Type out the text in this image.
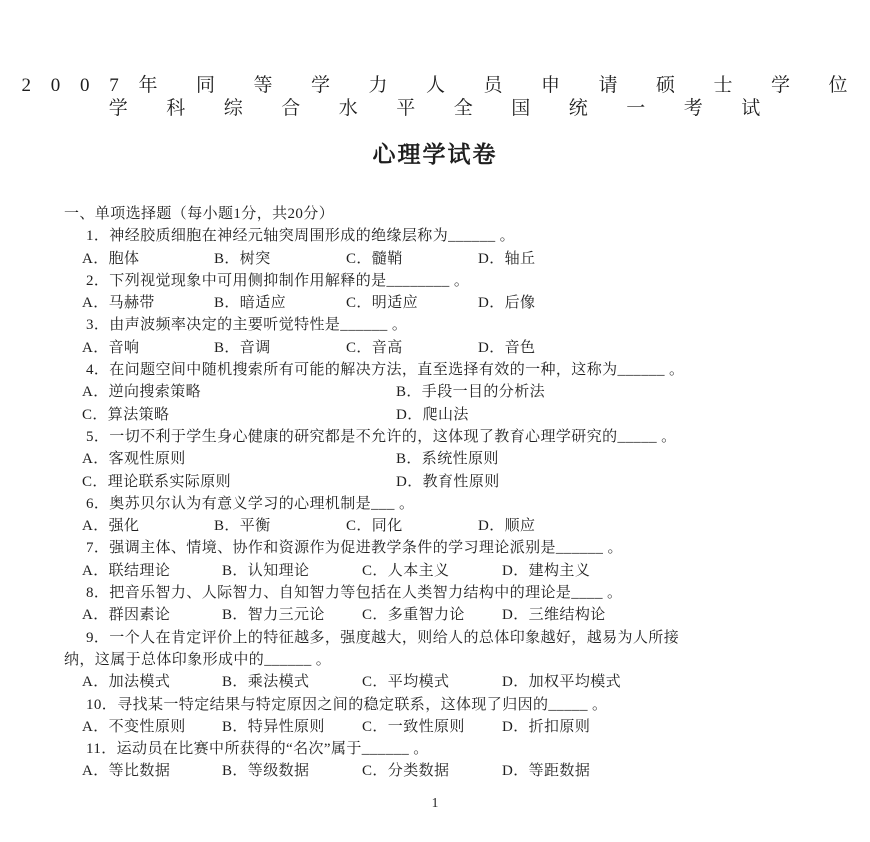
2 0 0 7 年  同  等  学  力  人  员  申  请  硕  士  学  位
学  科  综  合  水  平  全  国  统  一  考  试
心理学试卷
一、单项选择题（每小题1分，共20分）
1．神经胶质细胞在神经元轴突周围形成的绝缘层称为______ 。
A．胞体	B．树突	C．髓鞘	D．轴丘
2．下列视觉现象中可用侧抑制作用解释的是________ 。
A．马赫带	B．暗适应	C．明适应	D．后像
3．由声波频率决定的主要听觉特性是______ 。
A．音响	B．音调	C．音高	D．音色
4．在问题空间中随机搜索所有可能的解决方法，直至选择有效的一种，这称为______ 。
A．逆向搜索策略	B．手段一目的分析法
C．算法策略	D．爬山法
5．一切不利于学生身心健康的研究都是不允许的，这体现了教育心理学研究的_____ 。
A．客观性原则	B．系统性原则
C．理论联系实际原则	D．教育性原则
6．奥苏贝尔认为有意义学习的心理机制是___ 。
A．强化	B．平衡	C．同化	D．顺应
7．强调主体、情境、协作和资源作为促进教学条件的学习理论派别是______ 。
A．联结理论	B．认知理论	C．人本主义	D．建构主义
8．把音乐智力、人际智力、自知智力等包括在人类智力结构中的理论是____ 。
A．群因素论	B．智力三元论	C．多重智力论	D．三维结构论
9．一个人在肯定评价上的特征越多，强度越大，则给人的总体印象越好，越易为人所接
纳，这属于总体印象形成中的______ 。
A．加法模式	B．乘法模式	C．平均模式	D．加权平均模式
10．寻找某一特定结果与特定原因之间的稳定联系，这体现了归因的_____ 。
A．不变性原则	B．特异性原则	C．一致性原则	D．折扣原则
11．运动员在比赛中所获得的“名次”属于______ 。
A．等比数据	B．等级数据	C．分类数据	D．等距数据
1
